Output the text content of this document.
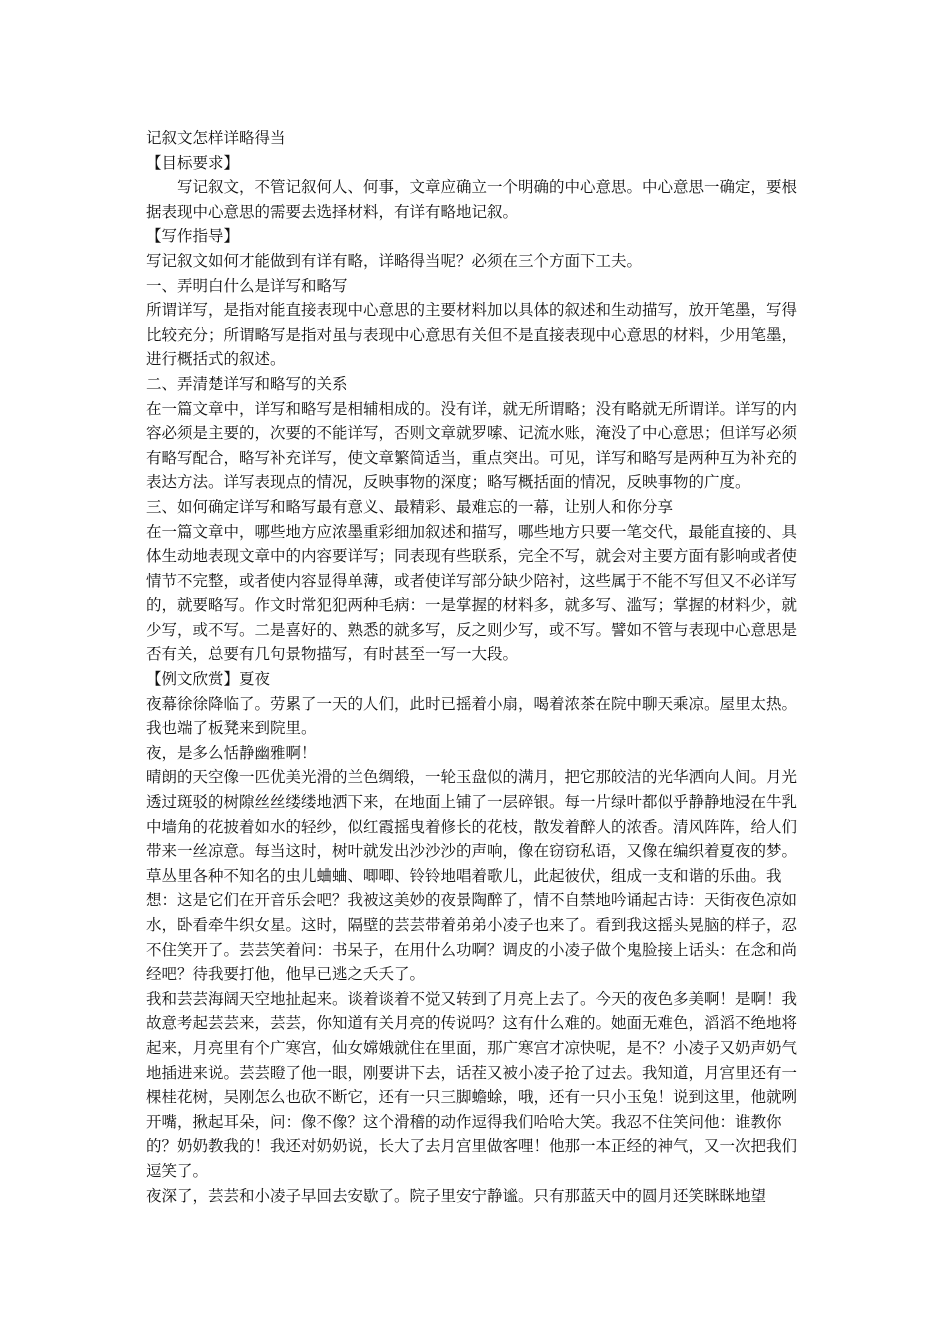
记叙文怎样详略得当

【目标要求】

写记叙文，不管记叙何人、何事，文章应确立一个明确的中心意思。中心意思一确定，要根据表现中心意思的需要去选择材料，有详有略地记叙。

【写作指导】

写记叙文如何才能做到有详有略，详略得当呢？必须在三个方面下工夫。

一、弄明白什么是详写和略写

所谓详写，是指对能直接表现中心意思的主要材料加以具体的叙述和生动描写，放开笔墨，写得比较充分；所谓略写是指对虽与表现中心意思有关但不是直接表现中心意思的材料，少用笔墨，进行概括式的叙述。

二、弄清楚详写和略写的关系

在一篇文章中，详写和略写是相辅相成的。没有详，就无所谓略；没有略就无所谓详。详写的内容必须是主要的，次要的不能详写，否则文章就罗嗦、记流水账，淹没了中心意思；但详写必须有略写配合，略写补充详写，使文章繁简适当，重点突出。可见，详写和略写是两种互为补充的表达方法。详写表现点的情况，反映事物的深度；略写概括面的情况，反映事物的广度。

三、如何确定详写和略写最有意义、最精彩、最难忘的一幕，让别人和你分享

在一篇文章中，哪些地方应浓墨重彩细加叙述和描写，哪些地方只要一笔交代，最能直接的、具体生动地表现文章中的内容要详写；同表现有些联系，完全不写，就会对主要方面有影响或者使情节不完整，或者使内容显得单薄，或者使详写部分缺少陪衬，这些属于不能不写但又不必详写的，就要略写。作文时常犯犯两种毛病：一是掌握的材料多，就多写、滥写；掌握的材料少，就少写，或不写。二是喜好的、熟悉的就多写，反之则少写，或不写。譬如不管与表现中心意思是否有关，总要有几句景物描写，有时甚至一写一大段。

【例文欣赏】夏夜

夜幕徐徐降临了。劳累了一天的人们，此时已摇着小扇，喝着浓茶在院中聊天乘凉。屋里太热。我也端了板凳来到院里。

夜，是多么恬静幽雅啊！

晴朗的天空像一匹优美光滑的兰色绸缎，一轮玉盘似的满月，把它那皎洁的光华洒向人间。月光透过斑驳的树隙丝丝缕缕地洒下来，在地面上铺了一层碎银。每一片绿叶都似乎静静地浸在牛乳中墙角的花披着如水的轻纱，似红霞摇曳着修长的花枝，散发着醉人的浓香。清风阵阵，给人们带来一丝凉意。每当这时，树叶就发出沙沙沙的声响，像在窃窃私语，又像在编织着夏夜的梦。草丛里各种不知名的虫儿蛐蛐、唧唧、铃铃地唱着歌儿，此起彼伏，组成一支和谐的乐曲。我想：这是它们在开音乐会吧？我被这美妙的夜景陶醉了，情不自禁地吟诵起古诗：天街夜色凉如水，卧看牵牛织女星。这时，隔壁的芸芸带着弟弟小凌子也来了。看到我这摇头晃脑的样子，忍不住笑开了。芸芸笑着问：书呆子，在用什么功啊？调皮的小凌子做个鬼脸接上话头：在念和尚经吧？待我要打他，他早已逃之夭夭了。

我和芸芸海阔天空地扯起来。谈着谈着不觉又转到了月亮上去了。今天的夜色多美啊！是啊！我故意考起芸芸来，芸芸，你知道有关月亮的传说吗？这有什么难的。她面无难色，滔滔不绝地将起来，月亮里有个广寒宫，仙女嫦娥就住在里面，那广寒宫才凉快呢，是不？小凌子又奶声奶气地插进来说。芸芸瞪了他一眼，刚要讲下去，话茬又被小凌子抢了过去。我知道，月宫里还有一棵桂花树，吴刚怎么也砍不断它，还有一只三脚蟾蜍，哦，还有一只小玉兔！说到这里，他就咧开嘴，揪起耳朵，问：像不像？这个滑稽的动作逗得我们哈哈大笑。我忍不住笑问他：谁教你的？奶奶教我的！我还对奶奶说，长大了去月宫里做客哩！他那一本正经的神气，又一次把我们逗笑了。

夜深了，芸芸和小凌子早回去安歇了。院子里安宁静谧。只有那蓝天中的圆月还笑眯眯地望
